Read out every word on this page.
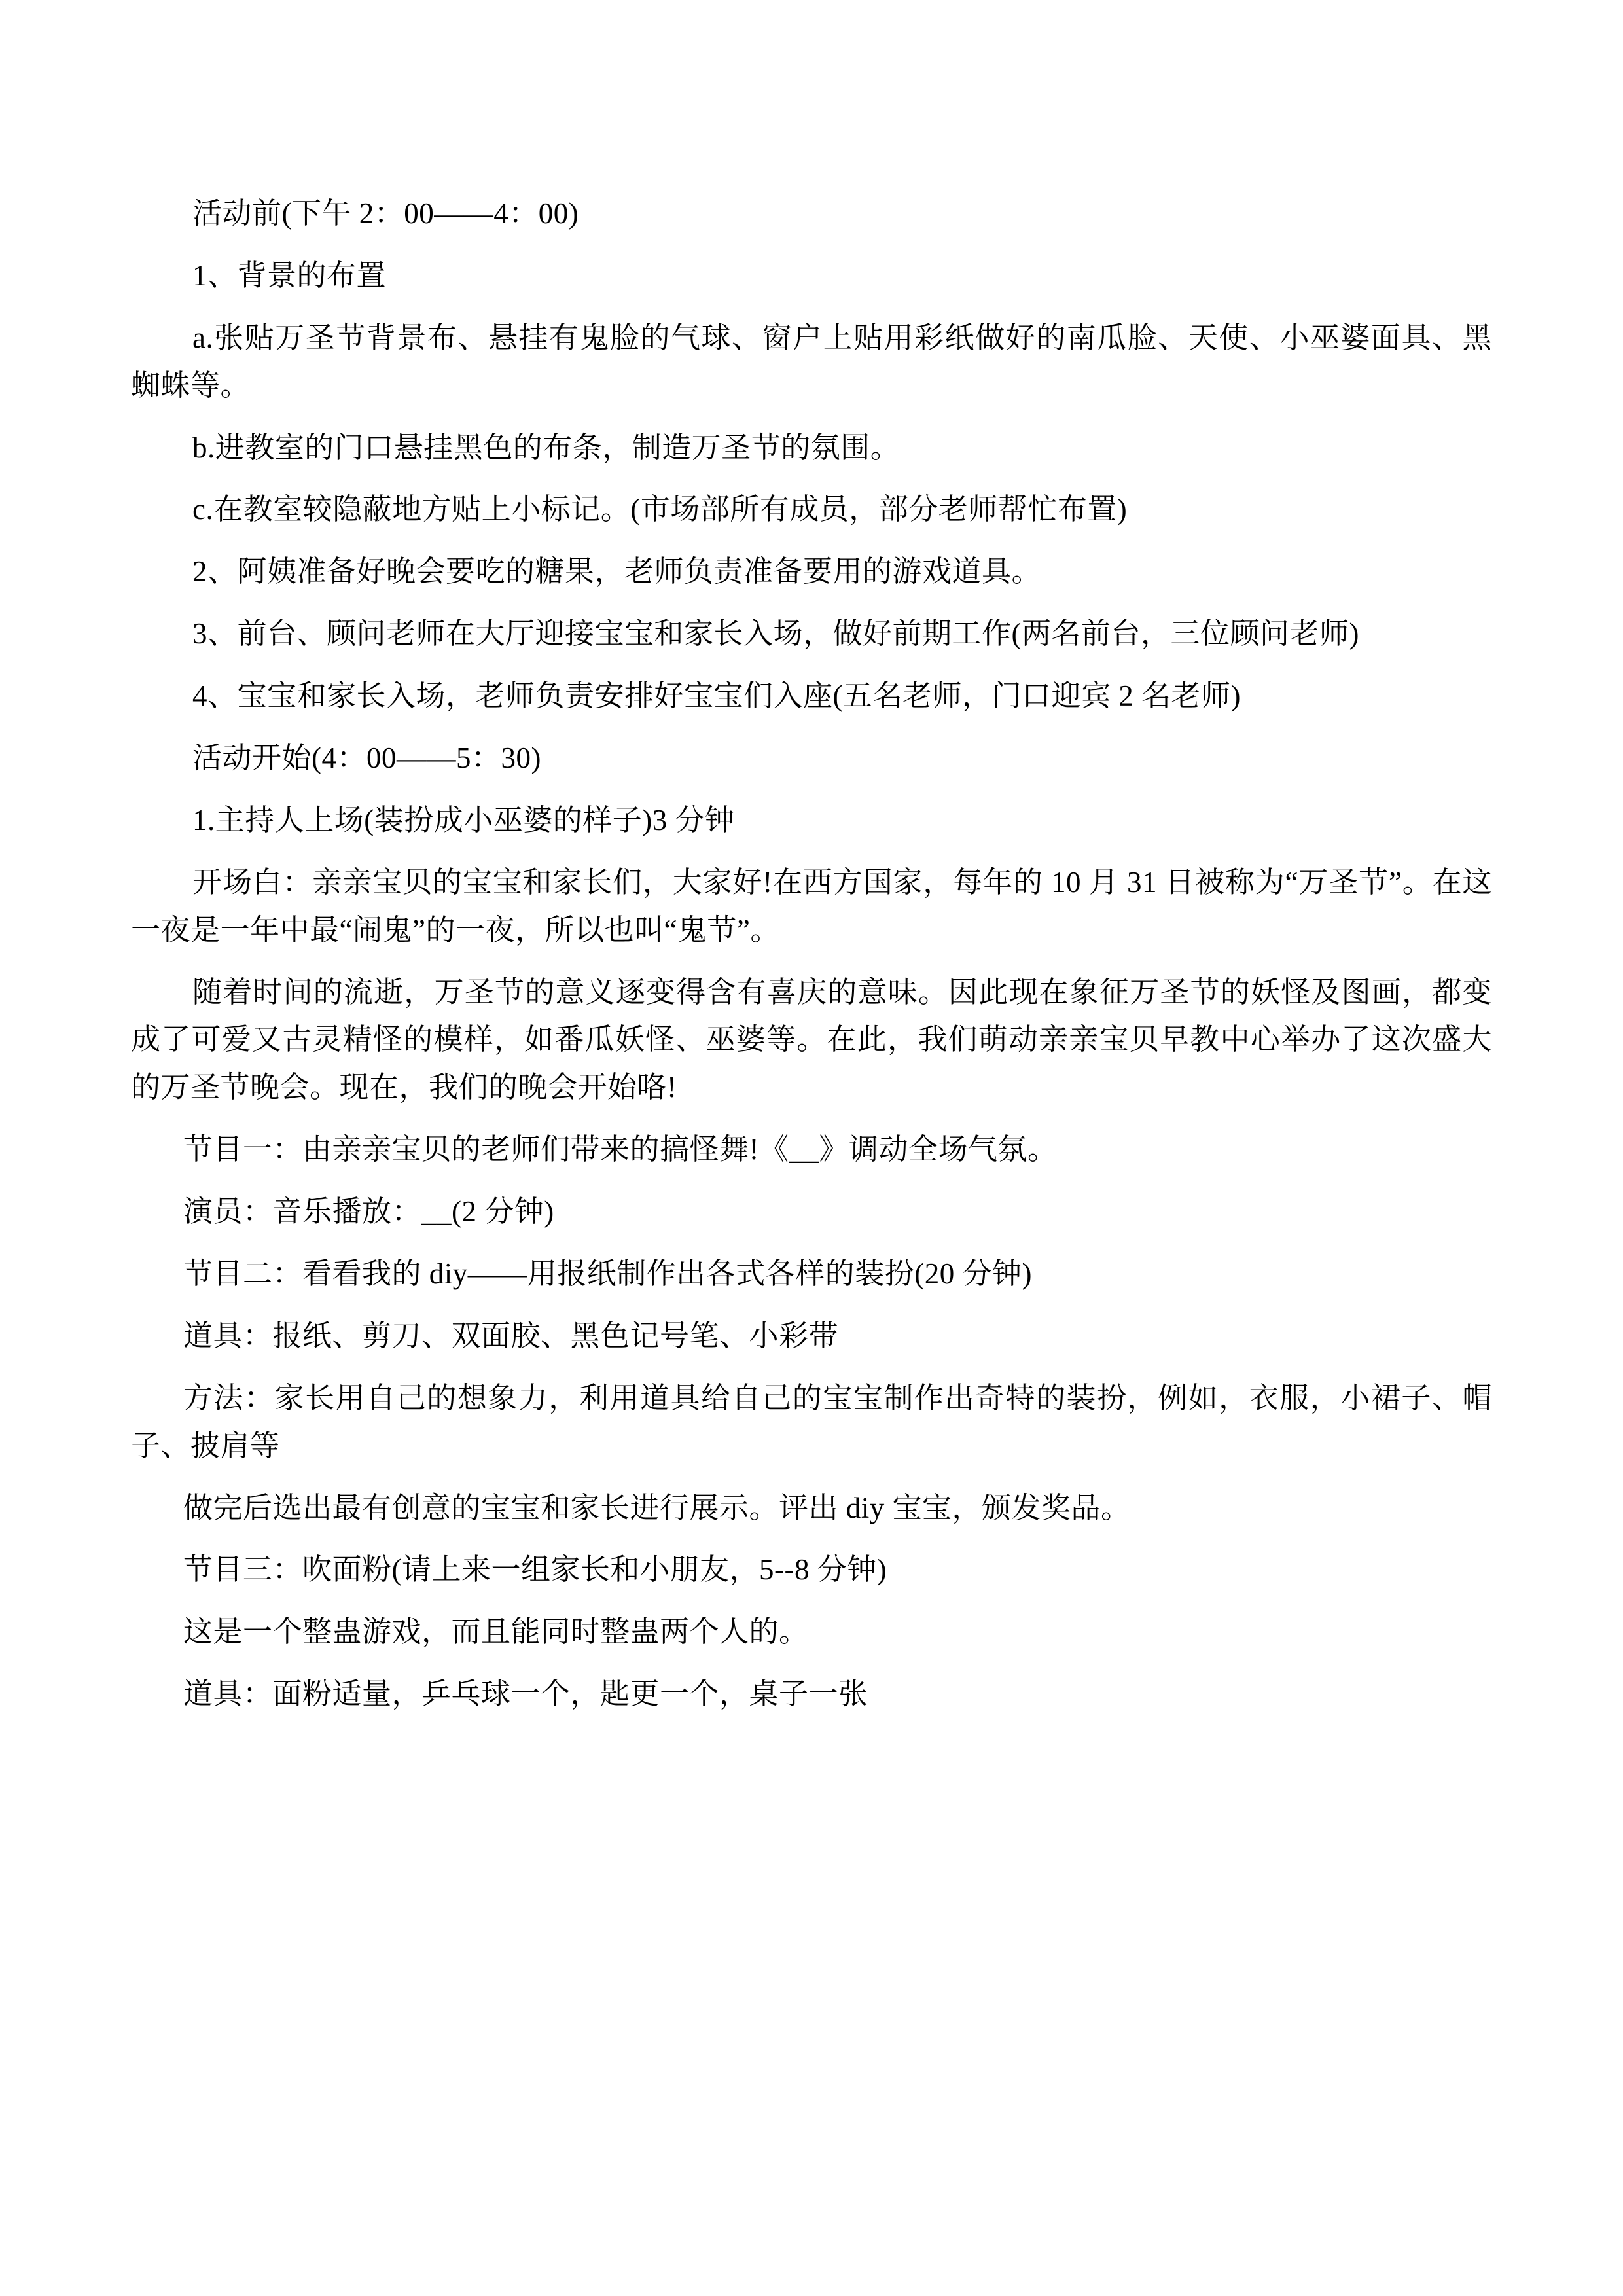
活动前(下午 2：00——4：00)

1、背景的布置

a.张贴万圣节背景布、悬挂有鬼脸的气球、窗户上贴用彩纸做好的南瓜脸、天使、小巫婆面具、黑蜘蛛等。

b.进教室的门口悬挂黑色的布条，制造万圣节的氛围。

c.在教室较隐蔽地方贴上小标记。(市场部所有成员，部分老师帮忙布置)

2、阿姨准备好晚会要吃的糖果，老师负责准备要用的游戏道具。

3、前台、顾问老师在大厅迎接宝宝和家长入场，做好前期工作(两名前台，三位顾问老师)

4、宝宝和家长入场，老师负责安排好宝宝们入座(五名老师，门口迎宾 2 名老师)

活动开始(4：00——5：30)

1.主持人上场(装扮成小巫婆的样子)3 分钟

开场白：亲亲宝贝的宝宝和家长们，大家好!在西方国家，每年的 10 月 31 日被称为“万圣节”。在这一夜是一年中最“闹鬼”的一夜，所以也叫“鬼节”。

随着时间的流逝，万圣节的意义逐变得含有喜庆的意味。因此现在象征万圣节的妖怪及图画，都变成了可爱又古灵精怪的模样，如番瓜妖怪、巫婆等。在此，我们萌动亲亲宝贝早教中心举办了这次盛大的万圣节晚会。现在，我们的晚会开始咯!

节目一：由亲亲宝贝的老师们带来的搞怪舞!《__》调动全场气氛。

演员：音乐播放：__(2 分钟)

节目二：看看我的 diy——用报纸制作出各式各样的装扮(20 分钟)

道具：报纸、剪刀、双面胶、黑色记号笔、小彩带

方法：家长用自己的想象力，利用道具给自己的宝宝制作出奇特的装扮，例如，衣服，小裙子、帽子、披肩等

做完后选出最有创意的宝宝和家长进行展示。评出 diy 宝宝，颁发奖品。

节目三：吹面粉(请上来一组家长和小朋友，5--8 分钟)

这是一个整蛊游戏，而且能同时整蛊两个人的。

道具：面粉适量，乒乓球一个，匙更一个，桌子一张
